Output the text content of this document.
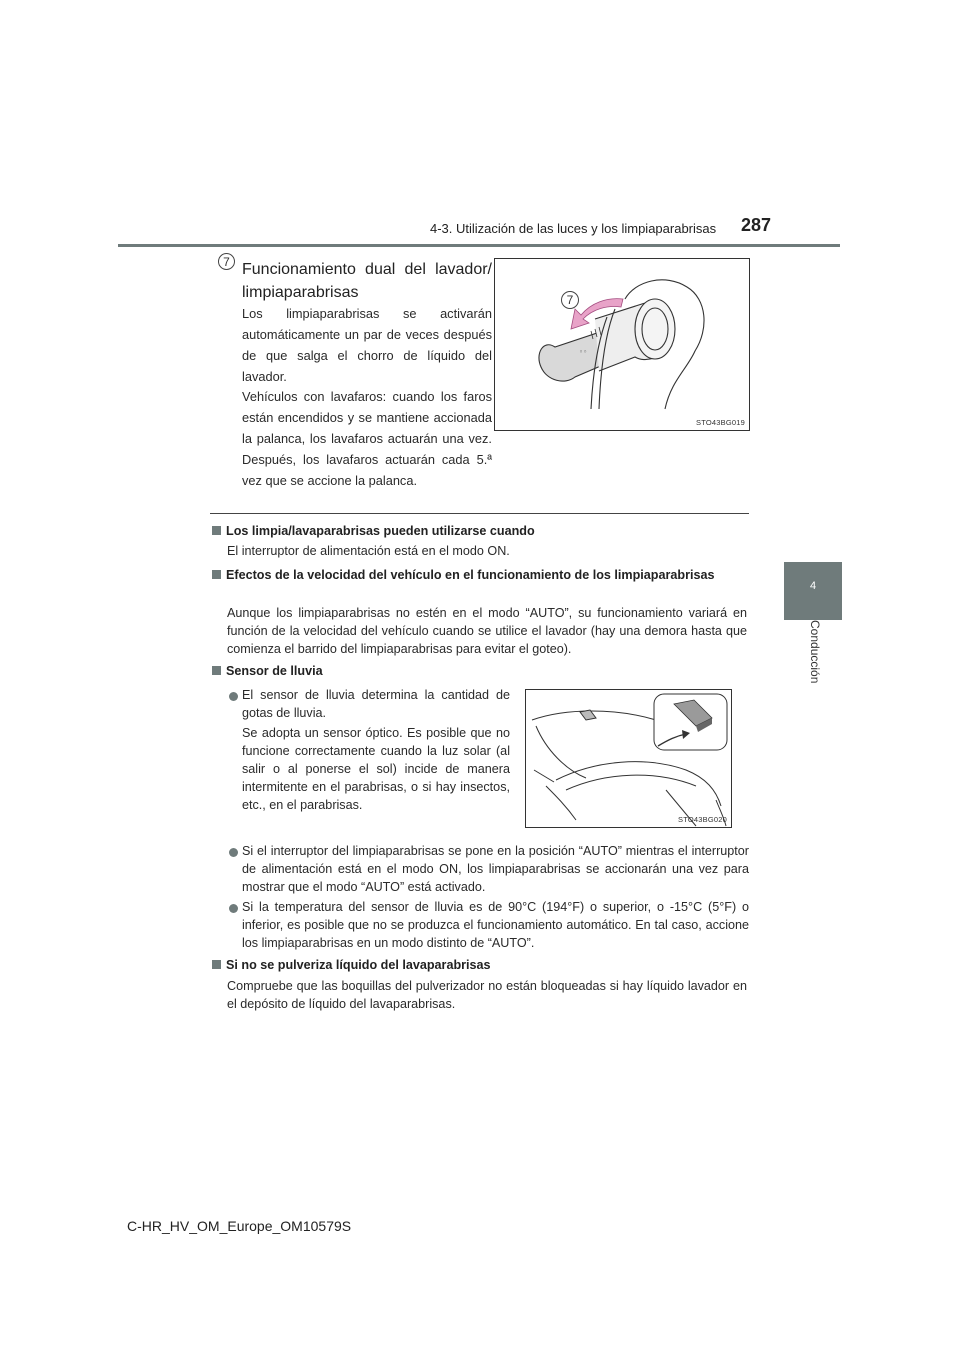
4-3. Utilización de las luces y los limpiaparabrisas 287
4
Conducción
7 Funcionamiento dual del lavador/ limpiaparabrisas
Los limpiaparabrisas se activarán automáticamente un par de veces después de que salga el chorro de líquido del lavador.
Vehículos con lavafaros: cuando los faros están encendidos y se mantiene accionada la palanca, los lavafaros actuarán una vez. Después, los lavafaros actuarán cada 5.ª vez que se accione la palanca.
◦◦
7
STO43BG019
Los limpia/lavaparabrisas pueden utilizarse cuando
El interruptor de alimentación está en el modo ON.
Efectos de la velocidad del vehículo en el funcionamiento de los limpiaparabrisas
Aunque los limpiaparabrisas no estén en el modo “AUTO”, su funcionamiento variará en función de la velocidad del vehículo cuando se utilice el lavador (hay una demora hasta que comienza el barrido del limpiaparabrisas para evitar el goteo).
Sensor de lluvia
El sensor de lluvia determina la cantidad de gotas de lluvia.
Se adopta un sensor óptico. Es posible que no funcione correctamente cuando la luz solar (al salir o al ponerse el sol) incide de manera intermitente en el parabrisas, o si hay insectos, etc., en el parabrisas.
STO43BG020
Si el interruptor del limpiaparabrisas se pone en la posición “AUTO” mientras el interruptor de alimentación está en el modo ON, los limpiaparabrisas se accionarán una vez para mostrar que el modo “AUTO” está activado.
Si la temperatura del sensor de lluvia es de 90°C (194°F) o superior, o -15°C (5°F) o inferior, es posible que no se produzca el funcionamiento automático. En tal caso, accione los limpiaparabrisas en un modo distinto de “AUTO”.
Si no se pulveriza líquido del lavaparabrisas
Compruebe que las boquillas del pulverizador no están bloqueadas si hay líquido lavador en el depósito de líquido del lavaparabrisas.
C-HR_HV_OM_Europe_OM10579S
